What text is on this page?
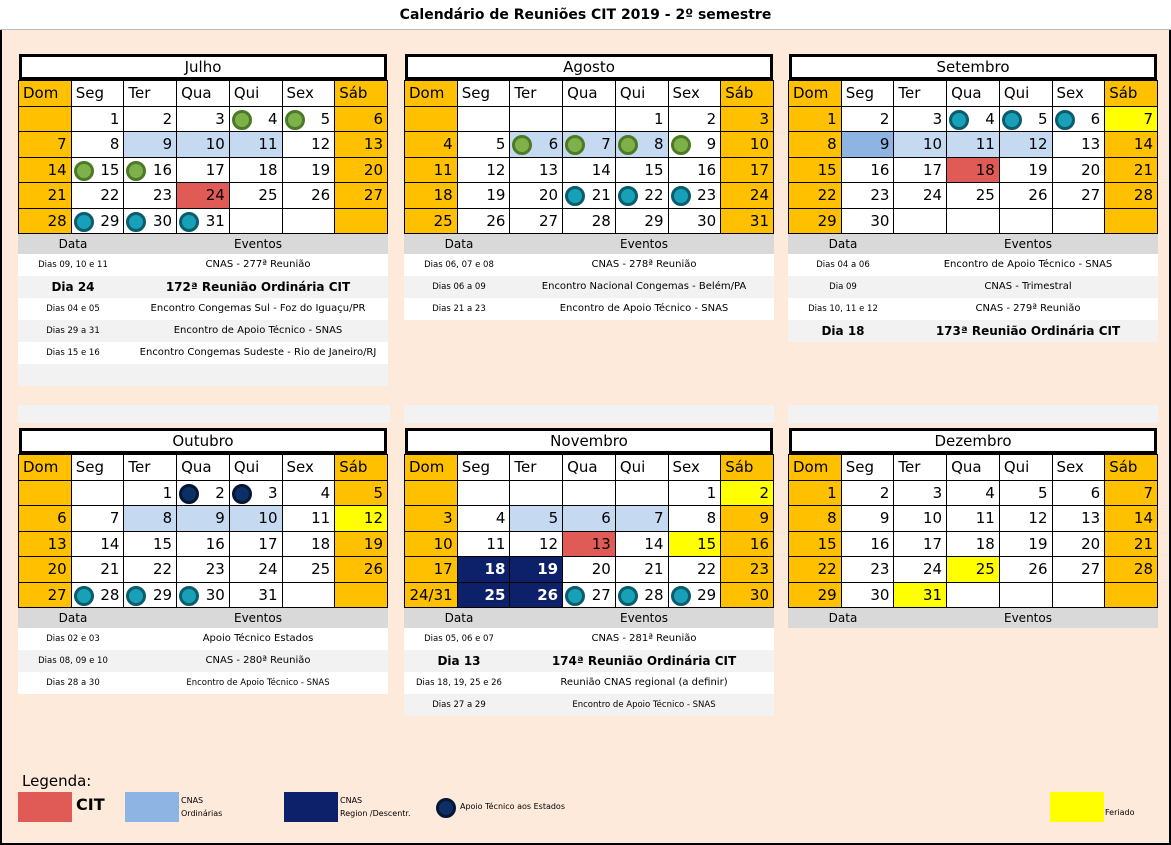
Calendário de Reuniões CIT 2019 - 2º semestre
Julho
Dom	Seg	Ter	Qua	Qui	Sex	Sáb
	1	2	3	4	5	6
7	8	9	10	11	12	13
14	15	16	17	18	19	20
21	22	23	24	25	26	27
28	29	30	31			
Data	Eventos
Dias 09, 10 e 11	CNAS - 277ª Reunião
Dia 24	172ª Reunião Ordinária CIT
Dias 04 e 05	Encontro Congemas Sul - Foz do Iguaçu/PR
Dias 29 a 31	Encontro de Apoio Técnico - SNAS
Dias 15 e 16	Encontro Congemas Sudeste - Rio de Janeiro/RJ
Agosto
Dom	Seg	Ter	Qua	Qui	Sex	Sáb
				1	2	3
4	5	6	7	8	9	10
11	12	13	14	15	16	17
18	19	20	21	22	23	24
25	26	27	28	29	30	31
Data	Eventos
Dias 06, 07 e 08	CNAS - 278ª Reunião
Dias 06 a 09	Encontro Nacional Congemas - Belém/PA
Dias 21 a 23	Encontro de Apoio Técnico - SNAS
Setembro
Dom	Seg	Ter	Qua	Qui	Sex	Sáb
1	2	3	4	5	6	7
8	9	10	11	12	13	14
15	16	17	18	19	20	21
22	23	24	25	26	27	28
29	30					
Data	Eventos
Dias 04 a 06	Encontro de Apoio Técnico - SNAS
Dia 09	CNAS - Trimestral
Dias 10, 11 e 12	CNAS - 279ª Reunião
Dia 18	173ª Reunião Ordinária CIT
Outubro
Dom	Seg	Ter	Qua	Qui	Sex	Sáb
		1	2	3	4	5
6	7	8	9	10	11	12
13	14	15	16	17	18	19
20	21	22	23	24	25	26
27	28	29	30	31		
Data	Eventos
Dias 02 e 03	Apoio Técnico Estados
Dias 08, 09 e 10	CNAS - 280ª Reunião
Dias 28 a 30	Encontro de Apoio Técnico - SNAS
Novembro
Dom	Seg	Ter	Qua	Qui	Sex	Sáb
					1	2
3	4	5	6	7	8	9
10	11	12	13	14	15	16
17	18	19	20	21	22	23
24/31	25	26	27	28	29	30
Data	Eventos
Dias 05, 06 e 07	CNAS - 281ª Reunião
Dia 13	174ª Reunião Ordinária CIT
Dias 18, 19, 25 e 26	Reunião CNAS regional (a definir)
Dias 27 a 29	Encontro de Apoio Técnico - SNAS
Dezembro
Dom	Seg	Ter	Qua	Qui	Sex	Sáb
1	2	3	4	5	6	7
8	9	10	11	12	13	14
15	16	17	18	19	20	21
22	23	24	25	26	27	28
29	30	31				
Data	Eventos
Legenda:
CIT	CNAS
Ordinárias
CNAS
Region /Descentr.
Apoio Técnico aos Estados
Feriado
